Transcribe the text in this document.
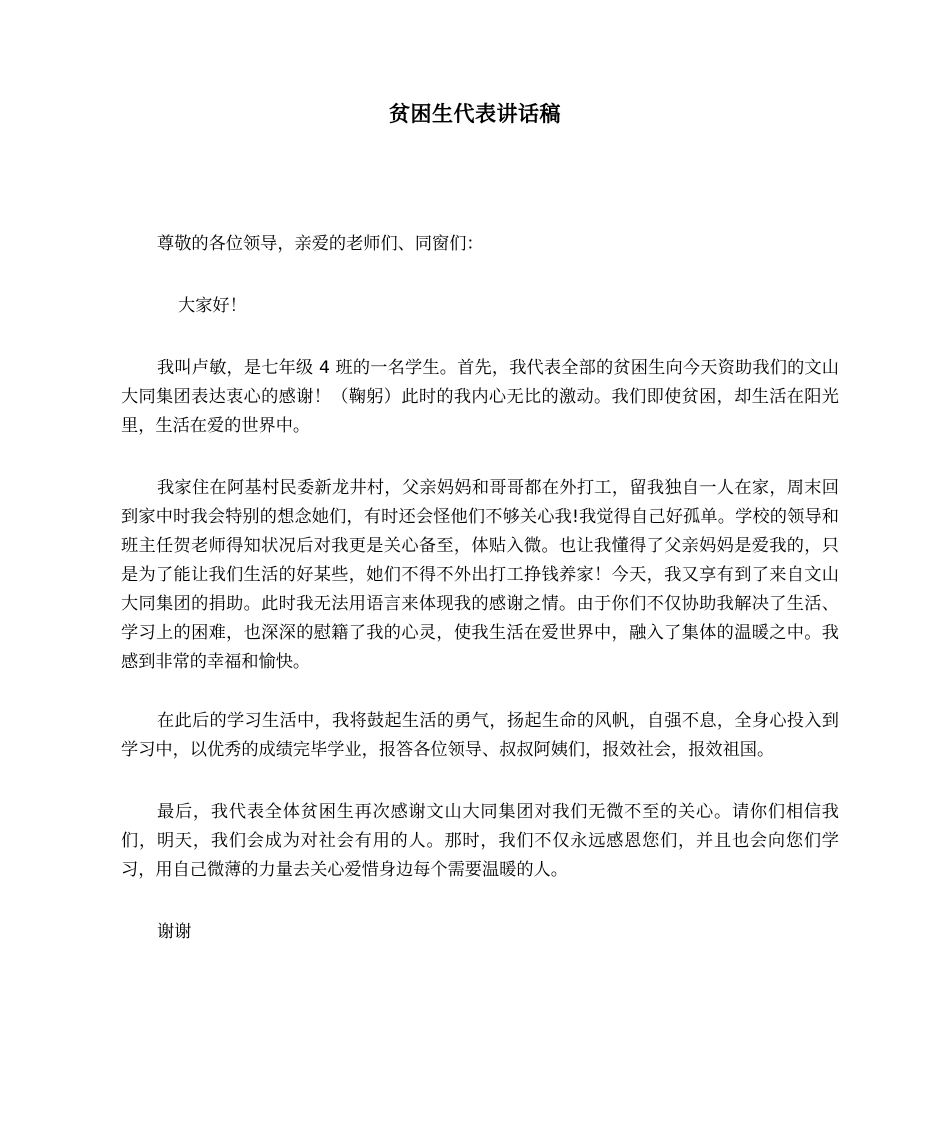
贫困生代表讲话稿

尊敬的各位领导，亲爱的老师们、同窗们：

大家好！

我叫卢敏，是七年级 4 班的一名学生。首先，我代表全部的贫困生向今天资助我们的文山大同集团表达衷心的感谢！（鞠躬）此时的我内心无比的激动。我们即使贫困，却生活在阳光里，生活在爱的世界中。

我家住在阿基村民委新龙井村，父亲妈妈和哥哥都在外打工，留我独自一人在家，周末回到家中时我会特别的想念她们，有时还会怪他们不够关心我!我觉得自己好孤单。学校的领导和班主任贺老师得知状况后对我更是关心备至，体贴入微。也让我懂得了父亲妈妈是爱我的，只是为了能让我们生活的好某些，她们不得不外出打工挣钱养家！今天，我又享有到了来自文山大同集团的捐助。此时我无法用语言来体现我的感谢之情。由于你们不仅协助我解决了生活、学习上的困难，也深深的慰籍了我的心灵，使我生活在爱世界中，融入了集体的温暖之中。我感到非常的幸福和愉快。

在此后的学习生活中，我将鼓起生活的勇气，扬起生命的风帆，自强不息，全身心投入到学习中，以优秀的成绩完毕学业，报答各位领导、叔叔阿姨们，报效社会，报效祖国。

最后，我代表全体贫困生再次感谢文山大同集团对我们无微不至的关心。请你们相信我们，明天，我们会成为对社会有用的人。那时，我们不仅永远感恩您们，并且也会向您们学习，用自己微薄的力量去关心爱惜身边每个需要温暖的人。

谢谢
